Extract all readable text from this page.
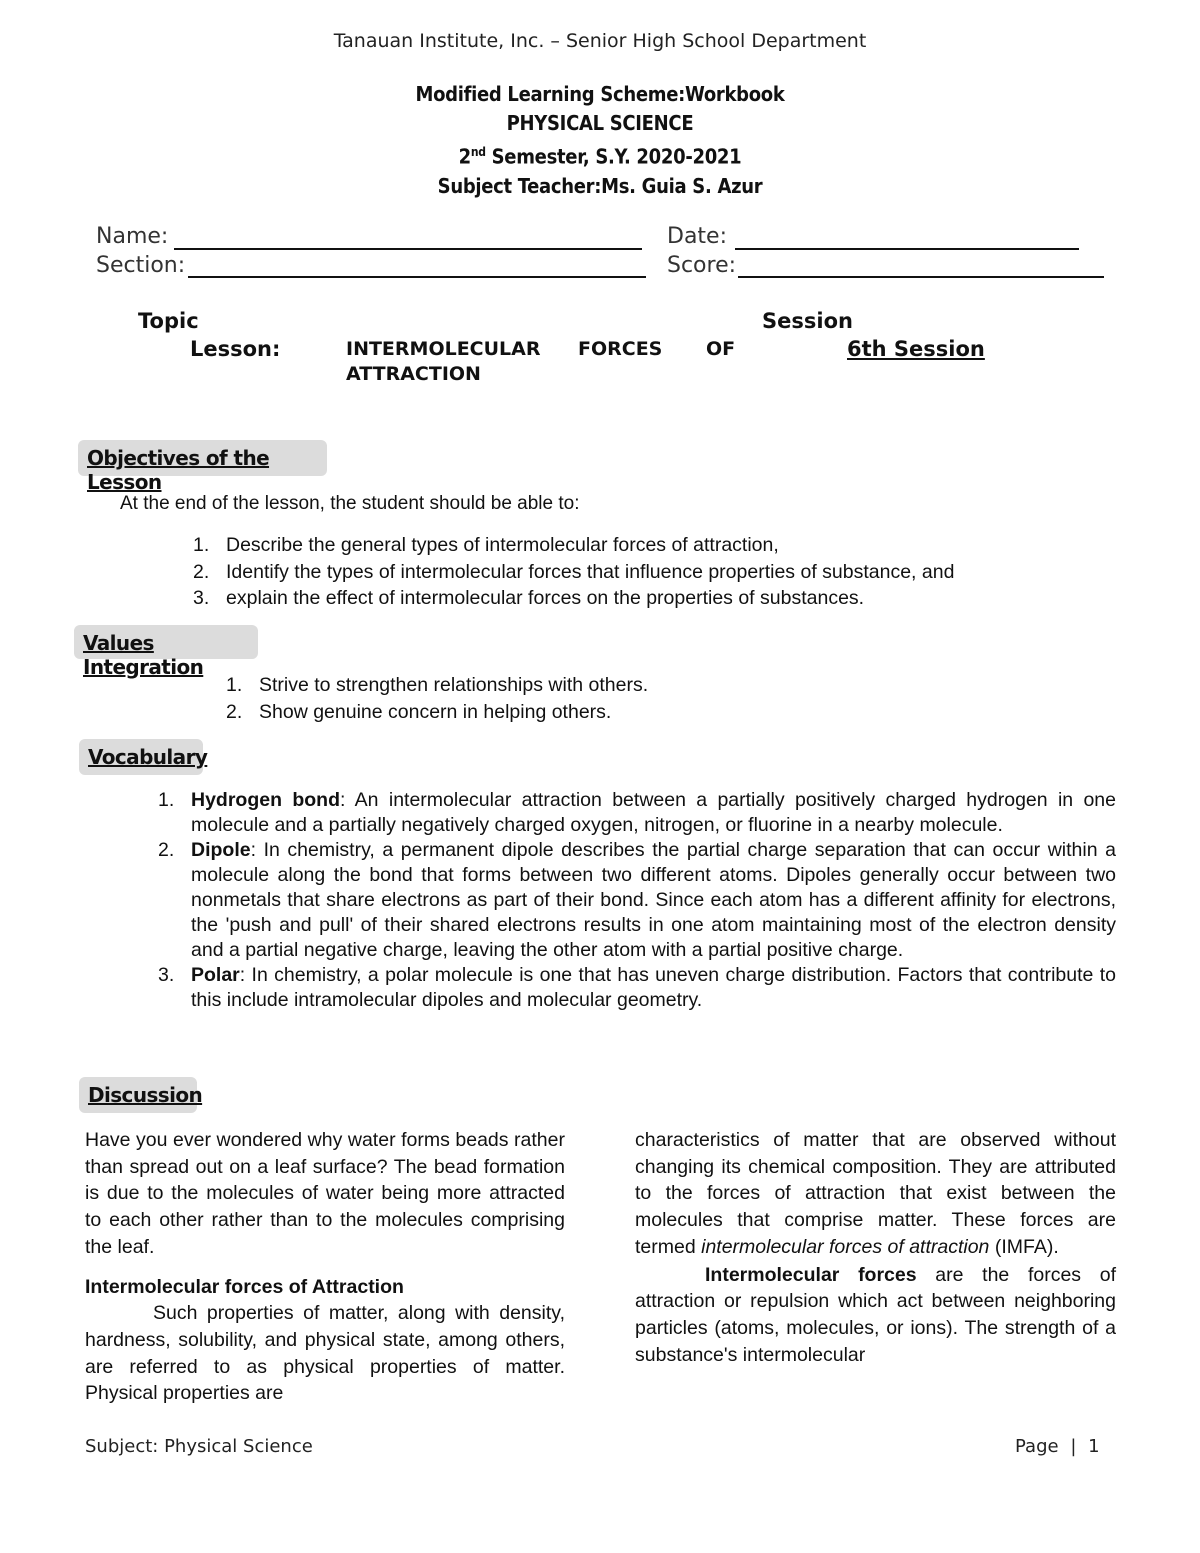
Tanauan Institute, Inc. – Senior High School Department
Modified Learning Scheme:Workbook
PHYSICAL SCIENCE
2nd Semester, S.Y. 2020-2021
Subject Teacher:Ms. Guia S. Azur
Name:	Date:
Section:	Score:
Topic
Lesson:	INTERMOLECULAR FORCES OF
ATTRACTION
Session
6th Session
Objectives of the Lesson
At the end of the lesson, the student should be able to:
1. Describe the general types of intermolecular forces of attraction,
2. Identify the types of intermolecular forces that influence properties of substance, and
3. explain the effect of intermolecular forces on the properties of substances.
Values Integration
1. Strive to strengthen relationships with others.
2. Show genuine concern in helping others.
Vocabulary
1. Hydrogen bond: An intermolecular attraction between a partially positively charged hydrogen in one molecule and a partially negatively charged oxygen, nitrogen, or fluorine in a nearby molecule.
2. Dipole: In chemistry, a permanent dipole describes the partial charge separation that can occur within a molecule along the bond that forms between two different atoms. Dipoles generally occur between two nonmetals that share electrons as part of their bond. Since each atom has a different affinity for electrons, the 'push and pull' of their shared electrons results in one atom maintaining most of the electron density and a partial negative charge, leaving the other atom with a partial positive charge.
3. Polar: In chemistry, a polar molecule is one that has uneven charge distribution. Factors that contribute to this include intramolecular dipoles and molecular geometry.
Discussion

Have you ever wondered why water forms beads rather than spread out on a leaf surface? The bead formation is due to the molecules of water being more attracted to each other rather than to the molecules comprising the leaf.

Intermolecular forces of Attraction

Such properties of matter, along with density, hardness, solubility, and physical state, among others, are referred to as physical properties of matter. Physical properties are

characteristics of matter that are observed without changing its chemical composition. They are attributed to the forces of attraction that exist between the molecules that comprise matter. These forces are termed intermolecular forces of attraction (IMFA).

Intermolecular forces are the forces of attraction or repulsion which act between neighboring particles (atoms, molecules, or ions). The strength of a substance's intermolecular

Subject: Physical Science	Page | 1
